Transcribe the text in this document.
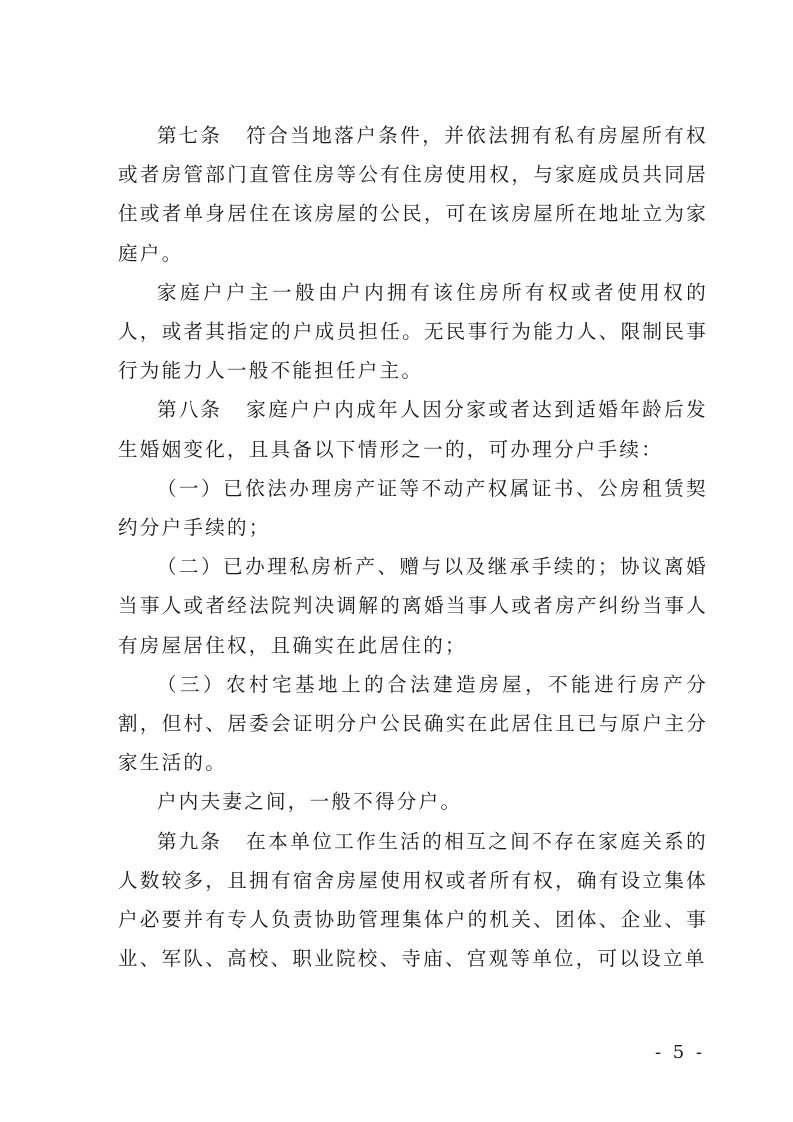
第七条 符合当地落户条件，并依法拥有私有房屋所有权或者房管部门直管住房等公有住房使用权，与家庭成员共同居住或者单身居住在该房屋的公民，可在该房屋所在地址立为家庭户。

家庭户户主一般由户内拥有该住房所有权或者使用权的人，或者其指定的户成员担任。无民事行为能力人、限制民事行为能力人一般不能担任户主。

第八条 家庭户户内成年人因分家或者达到适婚年龄后发生婚姻变化，且具备以下情形之一的，可办理分户手续：

（一）已依法办理房产证等不动产权属证书、公房租赁契约分户手续的；

（二）已办理私房析产、赠与以及继承手续的；协议离婚当事人或者经法院判决调解的离婚当事人或者房产纠纷当事人有房屋居住权，且确实在此居住的；

（三）农村宅基地上的合法建造房屋，不能进行房产分割，但村、居委会证明分户公民确实在此居住且已与原户主分家生活的。

户内夫妻之间，一般不得分户。

第九条 在本单位工作生活的相互之间不存在家庭关系的人数较多，且拥有宿舍房屋使用权或者所有权，确有设立集体户必要并有专人负责协助管理集体户的机关、团体、企业、事业、军队、高校、职业院校、寺庙、宫观等单位，可以设立单

- 5 -
